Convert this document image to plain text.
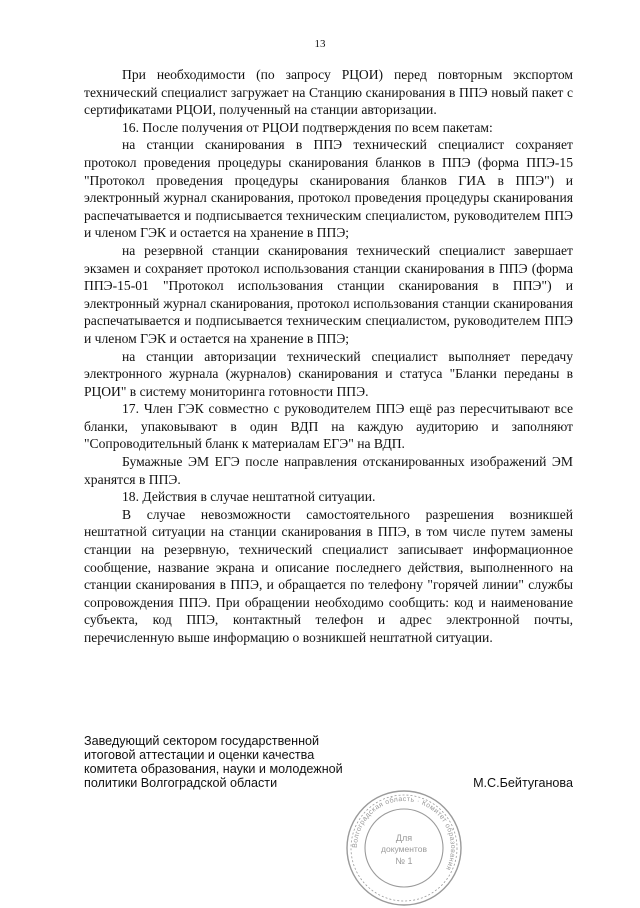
13

При необходимости (по запросу РЦОИ) перед повторным экспортом технический специалист загружает на Станцию сканирования в ППЭ новый пакет с сертификатами РЦОИ, полученный на станции авторизации.

16. После получения от РЦОИ подтверждения по всем пакетам:

на станции сканирования в ППЭ технический специалист сохраняет протокол проведения процедуры сканирования бланков в ППЭ (форма ППЭ-15 "Протокол проведения процедуры сканирования бланков ГИА в ППЭ") и электронный журнал сканирования, протокол проведения процедуры сканирования распечатывается и подписывается техническим специалистом, руководителем ППЭ и членом ГЭК и остается на хранение в ППЭ;

на резервной станции сканирования технический специалист завершает экзамен и сохраняет протокол использования станции сканирования в ППЭ (форма ППЭ-15-01 "Протокол использования станции сканирования в ППЭ") и электронный журнал сканирования, протокол использования станции сканирования распечатывается и подписывается техническим специалистом, руководителем ППЭ и членом ГЭК и остается на хранение в ППЭ;

на станции авторизации технический специалист выполняет передачу электронного журнала (журналов) сканирования и статуса "Бланки переданы в РЦОИ" в систему мониторинга готовности ППЭ.

17. Член ГЭК совместно с руководителем ППЭ ещё раз пересчитывают все бланки, упаковывают в один ВДП на каждую аудиторию и заполняют "Сопроводительный бланк к материалам ЕГЭ" на ВДП.

Бумажные ЭМ ЕГЭ после направления отсканированных изображений ЭМ хранятся в ППЭ.

18. Действия в случае нештатной ситуации.

В случае невозможности самостоятельного разрешения возникшей нештатной ситуации на станции сканирования в ППЭ, в том числе путем замены станции на резервную, технический специалист записывает информационное сообщение, название экрана и описание последнего действия, выполненного на станции сканирования в ППЭ, и обращается по телефону "горячей линии" службы сопровождения ППЭ. При обращении необходимо сообщить: код и наименование субъекта, код ППЭ, контактный телефон и адрес электронной почты, перечисленную выше информацию о возникшей нештатной ситуации.

Заведующий сектором государственной
итоговой аттестации и оценки качества
комитета образования, науки и молодежной
политики Волгоградской области	М.С.Бейтуганова
Волгоградская область · Комитет образования
Для
документов
№ 1
